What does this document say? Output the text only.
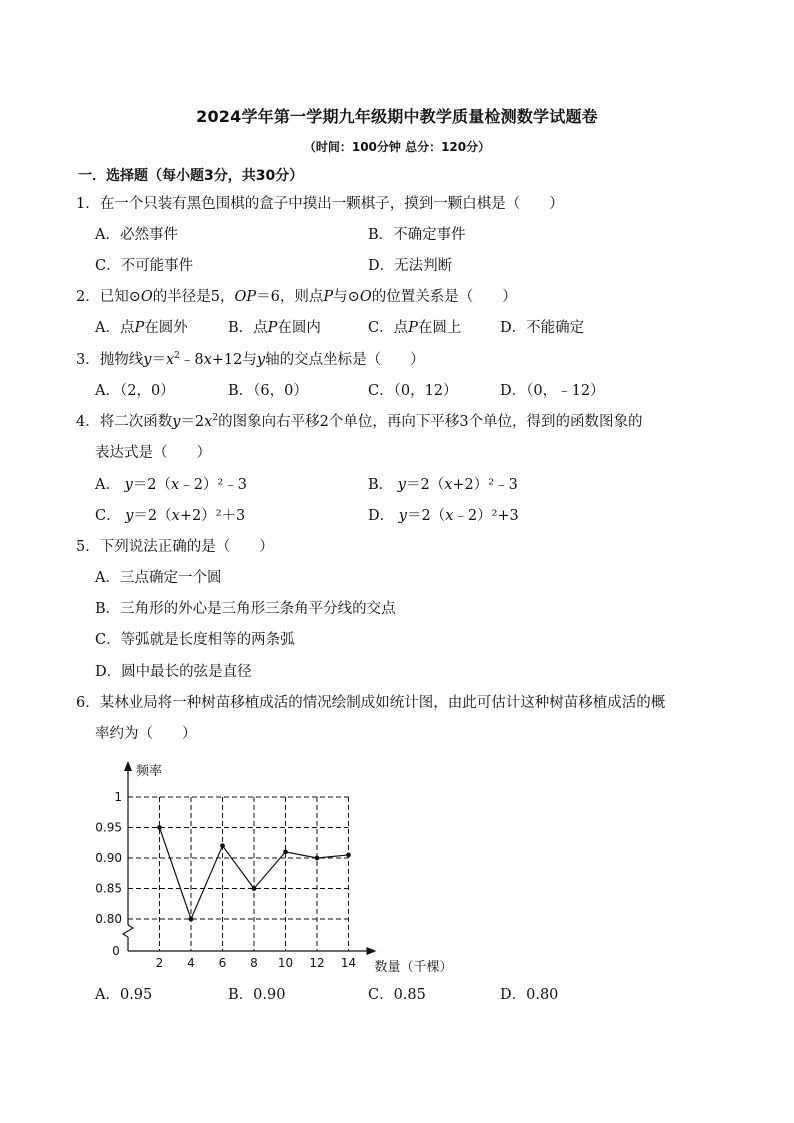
2024学年第一学期九年级期中教学质量检测数学试题卷
（时间：100分钟 总分：120分）
一．选择题（每小题3分，共30分）
1．在一个只装有黑色围棋的盒子中摸出一颗棋子，摸到一颗白棋是（　　）
A．必然事件	B．不确定事件
C．不可能事件	D．无法判断
2．已知⊙O的半径是5，OP＝6，则点P与⊙O的位置关系是（　　）
A．点P在圆外	B．点P在圆内	C．点P在圆上	D．不能确定
3．抛物线$y=x^2﹣8x+12$与y轴的交点坐标是（　　）
A．（2，0）	B．（6，0）	C．（0，12）	D．（0，﹣12）
4．将二次函数$y=2x^2$的图象向右平移2个单位，再向下平移3个单位，得到的函数图象的
表达式是（　　）
A． y＝2（x﹣2）²﹣3	B． y＝2（x+2）²﹣3
C． y＝2（x+2）²＋3	D． y＝2（x﹣2）²+3
5．下列说法正确的是（　　）
A．三点确定一个圆
B．三角形的外心是三角形三条角平分线的交点
C．等弧就是长度相等的两条弧
D．圆中最长的弦是直径
6．某林业局将一种树苗移植成活的情况绘制成如统计图，由此可估计这种树苗移植成活的概
率约为（　　）
0.80
0.85
0.90
0.95
1
2 4 6 8 10 12 14
0
频率
数量（千棵）
A．0.95	B．0.90	C．0.85	D．0.80
